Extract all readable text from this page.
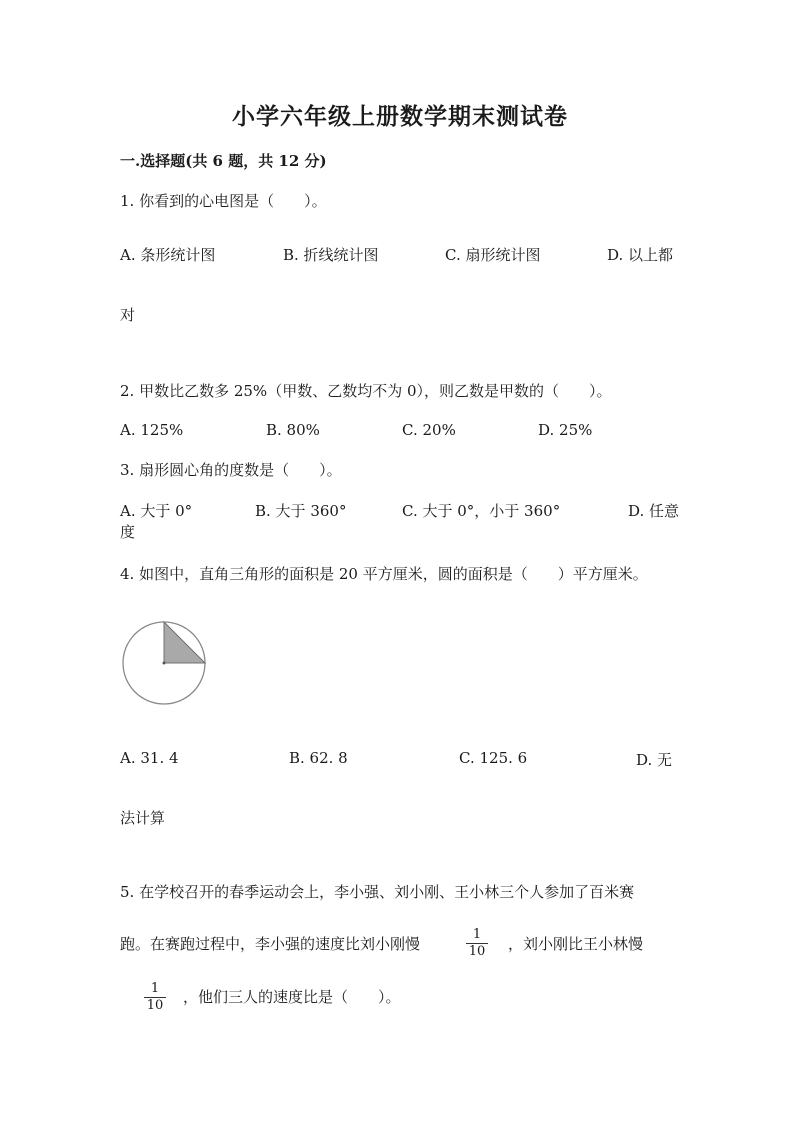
小学六年级上册数学期末测试卷
一.选择题(共 6 题，共 12 分)
1. 你看到的心电图是（　　）。
A. 条形统计图	B. 折线统计图	C. 扇形统计图	D. 以上都
对
2. 甲数比乙数多 25%（甲数、乙数均不为 0），则乙数是甲数的（　　）。
A. 125%	B. 80%	C. 20%	D. 25%
3. 扇形圆心角的度数是（　　）。
A. 大于 0°	B. 大于 360°	C. 大于 0°，小于 360°	D. 任意
度
4. 如图中，直角三角形的面积是 20 平方厘米，圆的面积是（　　）平方厘米。
A. 31. 4	B. 62. 8	C. 125. 6	D. 无
法计算
5. 在学校召开的春季运动会上，李小强、刘小刚、王小林三个人参加了百米赛
跑。在赛跑过程中，李小强的速度比刘小刚慢
1
10 ，刘小刚比王小林慢
1
10 ，他们三人的速度比是（　　）。
